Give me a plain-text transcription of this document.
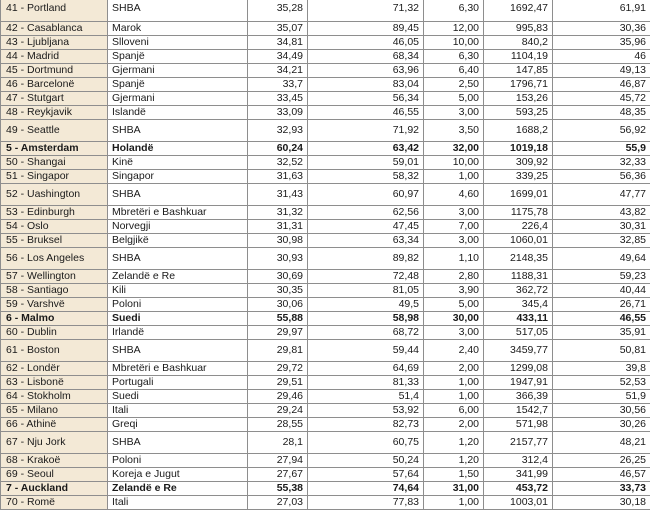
41 - Portland	SHBA	35,28	71,32	6,30	1692,47	61,91	
42 - Casablanca	Marok	35,07	89,45	12,00	995,83	30,36	
43 - Ljubljana	Slloveni	34,81	46,05	10,00	840,2	35,96	
44 - Madrid	Spanjë	34,49	68,34	6,30	1104,19	46	
45 - Dortmund	Gjermani	34,21	63,96	6,40	147,85	49,13	
46 - Barcelonë	Spanjë	33,7	83,04	2,50	1796,71	46,87	
47 - Stutgart	Gjermani	33,45	56,34	5,00	153,26	45,72	
48 - Reykjavik	Islandë	33,09	46,55	3,00	593,25	48,35	
49 - Seattle	SHBA	32,93	71,92	3,50	1688,2	56,92	
5 - Amsterdam	Holandë	60,24	63,42	32,00	1019,18	55,9	
50 - Shangai	Kinë	32,52	59,01	10,00	309,92	32,33	
51 - Singapor	Singapor	31,63	58,32	1,00	339,25	56,36	
52 - Uashington	SHBA	31,43	60,97	4,60	1699,01	47,77	
53 - Edinburgh	Mbretëri e Bashkuar	31,32	62,56	3,00	1175,78	43,82	
54 - Oslo	Norvegji	31,31	47,45	7,00	226,4	30,31	
55 - Bruksel	Belgjikë	30,98	63,34	3,00	1060,01	32,85	
56 - Los Angeles	SHBA	30,93	89,82	1,10	2148,35	49,64	
57 - Wellington	Zelandë e Re	30,69	72,48	2,80	1188,31	59,23	
58 - Santiago	Kili	30,35	81,05	3,90	362,72	40,44	
59 - Varshvë	Poloni	30,06	49,5	5,00	345,4	26,71	
6 - Malmo	Suedi	55,88	58,98	30,00	433,11	46,55	
60 - Dublin	Irlandë	29,97	68,72	3,00	517,05	35,91	
61 - Boston	SHBA	29,81	59,44	2,40	3459,77	50,81	
62 - Londër	Mbretëri e Bashkuar	29,72	64,69	2,00	1299,08	39,8	
63 - Lisbonë	Portugali	29,51	81,33	1,00	1947,91	52,53	
64 - Stokholm	Suedi	29,46	51,4	1,00	366,39	51,9	
65 - Milano	Itali	29,24	53,92	6,00	1542,7	30,56	
66 - Athinë	Greqi	28,55	82,73	2,00	571,98	30,26	
67 - Nju Jork	SHBA	28,1	60,75	1,20	2157,77	48,21	
68 - Krakoë	Poloni	27,94	50,24	1,20	312,4	26,25	
69 - Seoul	Koreja e Jugut	27,67	57,64	1,50	341,99	46,57	
7 - Auckland	Zelandë e Re	55,38	74,64	31,00	453,72	33,73	
70 - Romë	Itali	27,03	77,83	1,00	1003,01	30,18	
